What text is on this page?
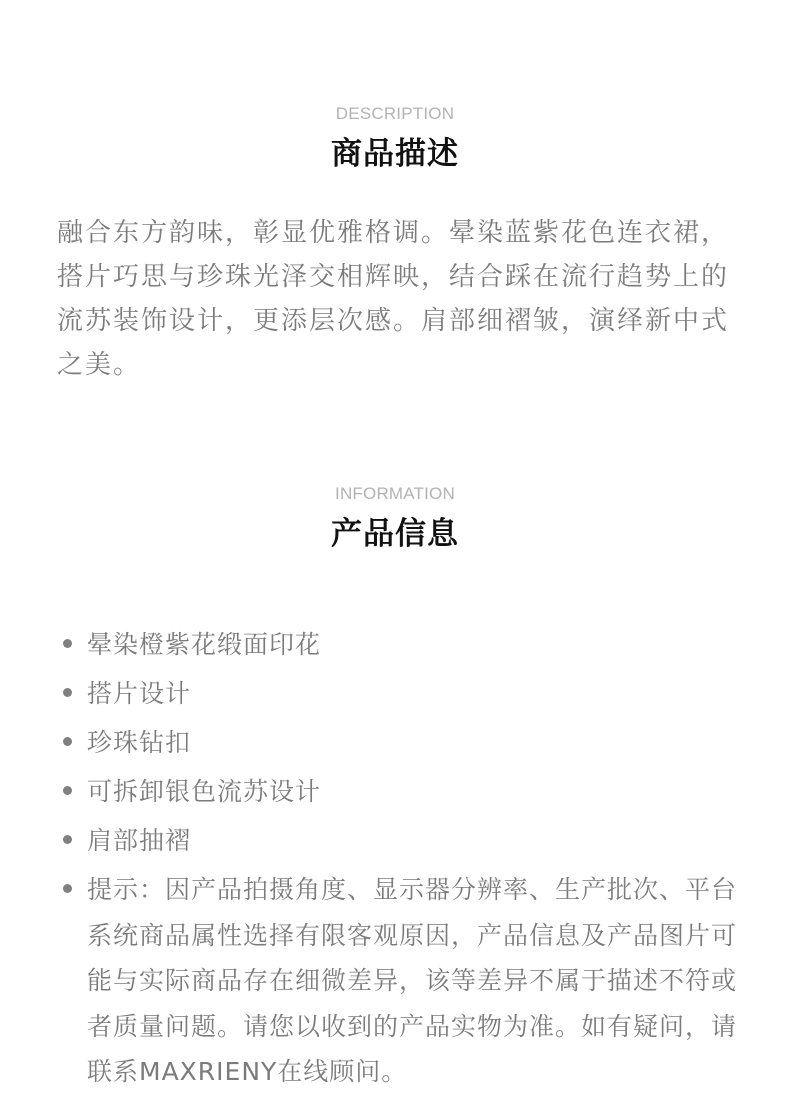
DESCRIPTION
商品描述
融合东方韵味，彰显优雅格调。晕染蓝紫花色连衣裙，搭片巧思与珍珠光泽交相辉映，结合踩在流行趋势上的流苏装饰设计，更添层次感。肩部细褶皱，演绎新中式之美。
INFORMATION
产品信息
晕染橙紫花缎面印花
搭片设计
珍珠钻扣
可拆卸银色流苏设计
肩部抽褶
提示：因产品拍摄角度、显示器分辨率、生产批次、平台系统商品属性选择有限客观原因，产品信息及产品图片可能与实际商品存在细微差异，该等差异不属于描述不符或者质量问题。请您以收到的产品实物为准。如有疑问，请联系MAXRIENY在线顾问。
